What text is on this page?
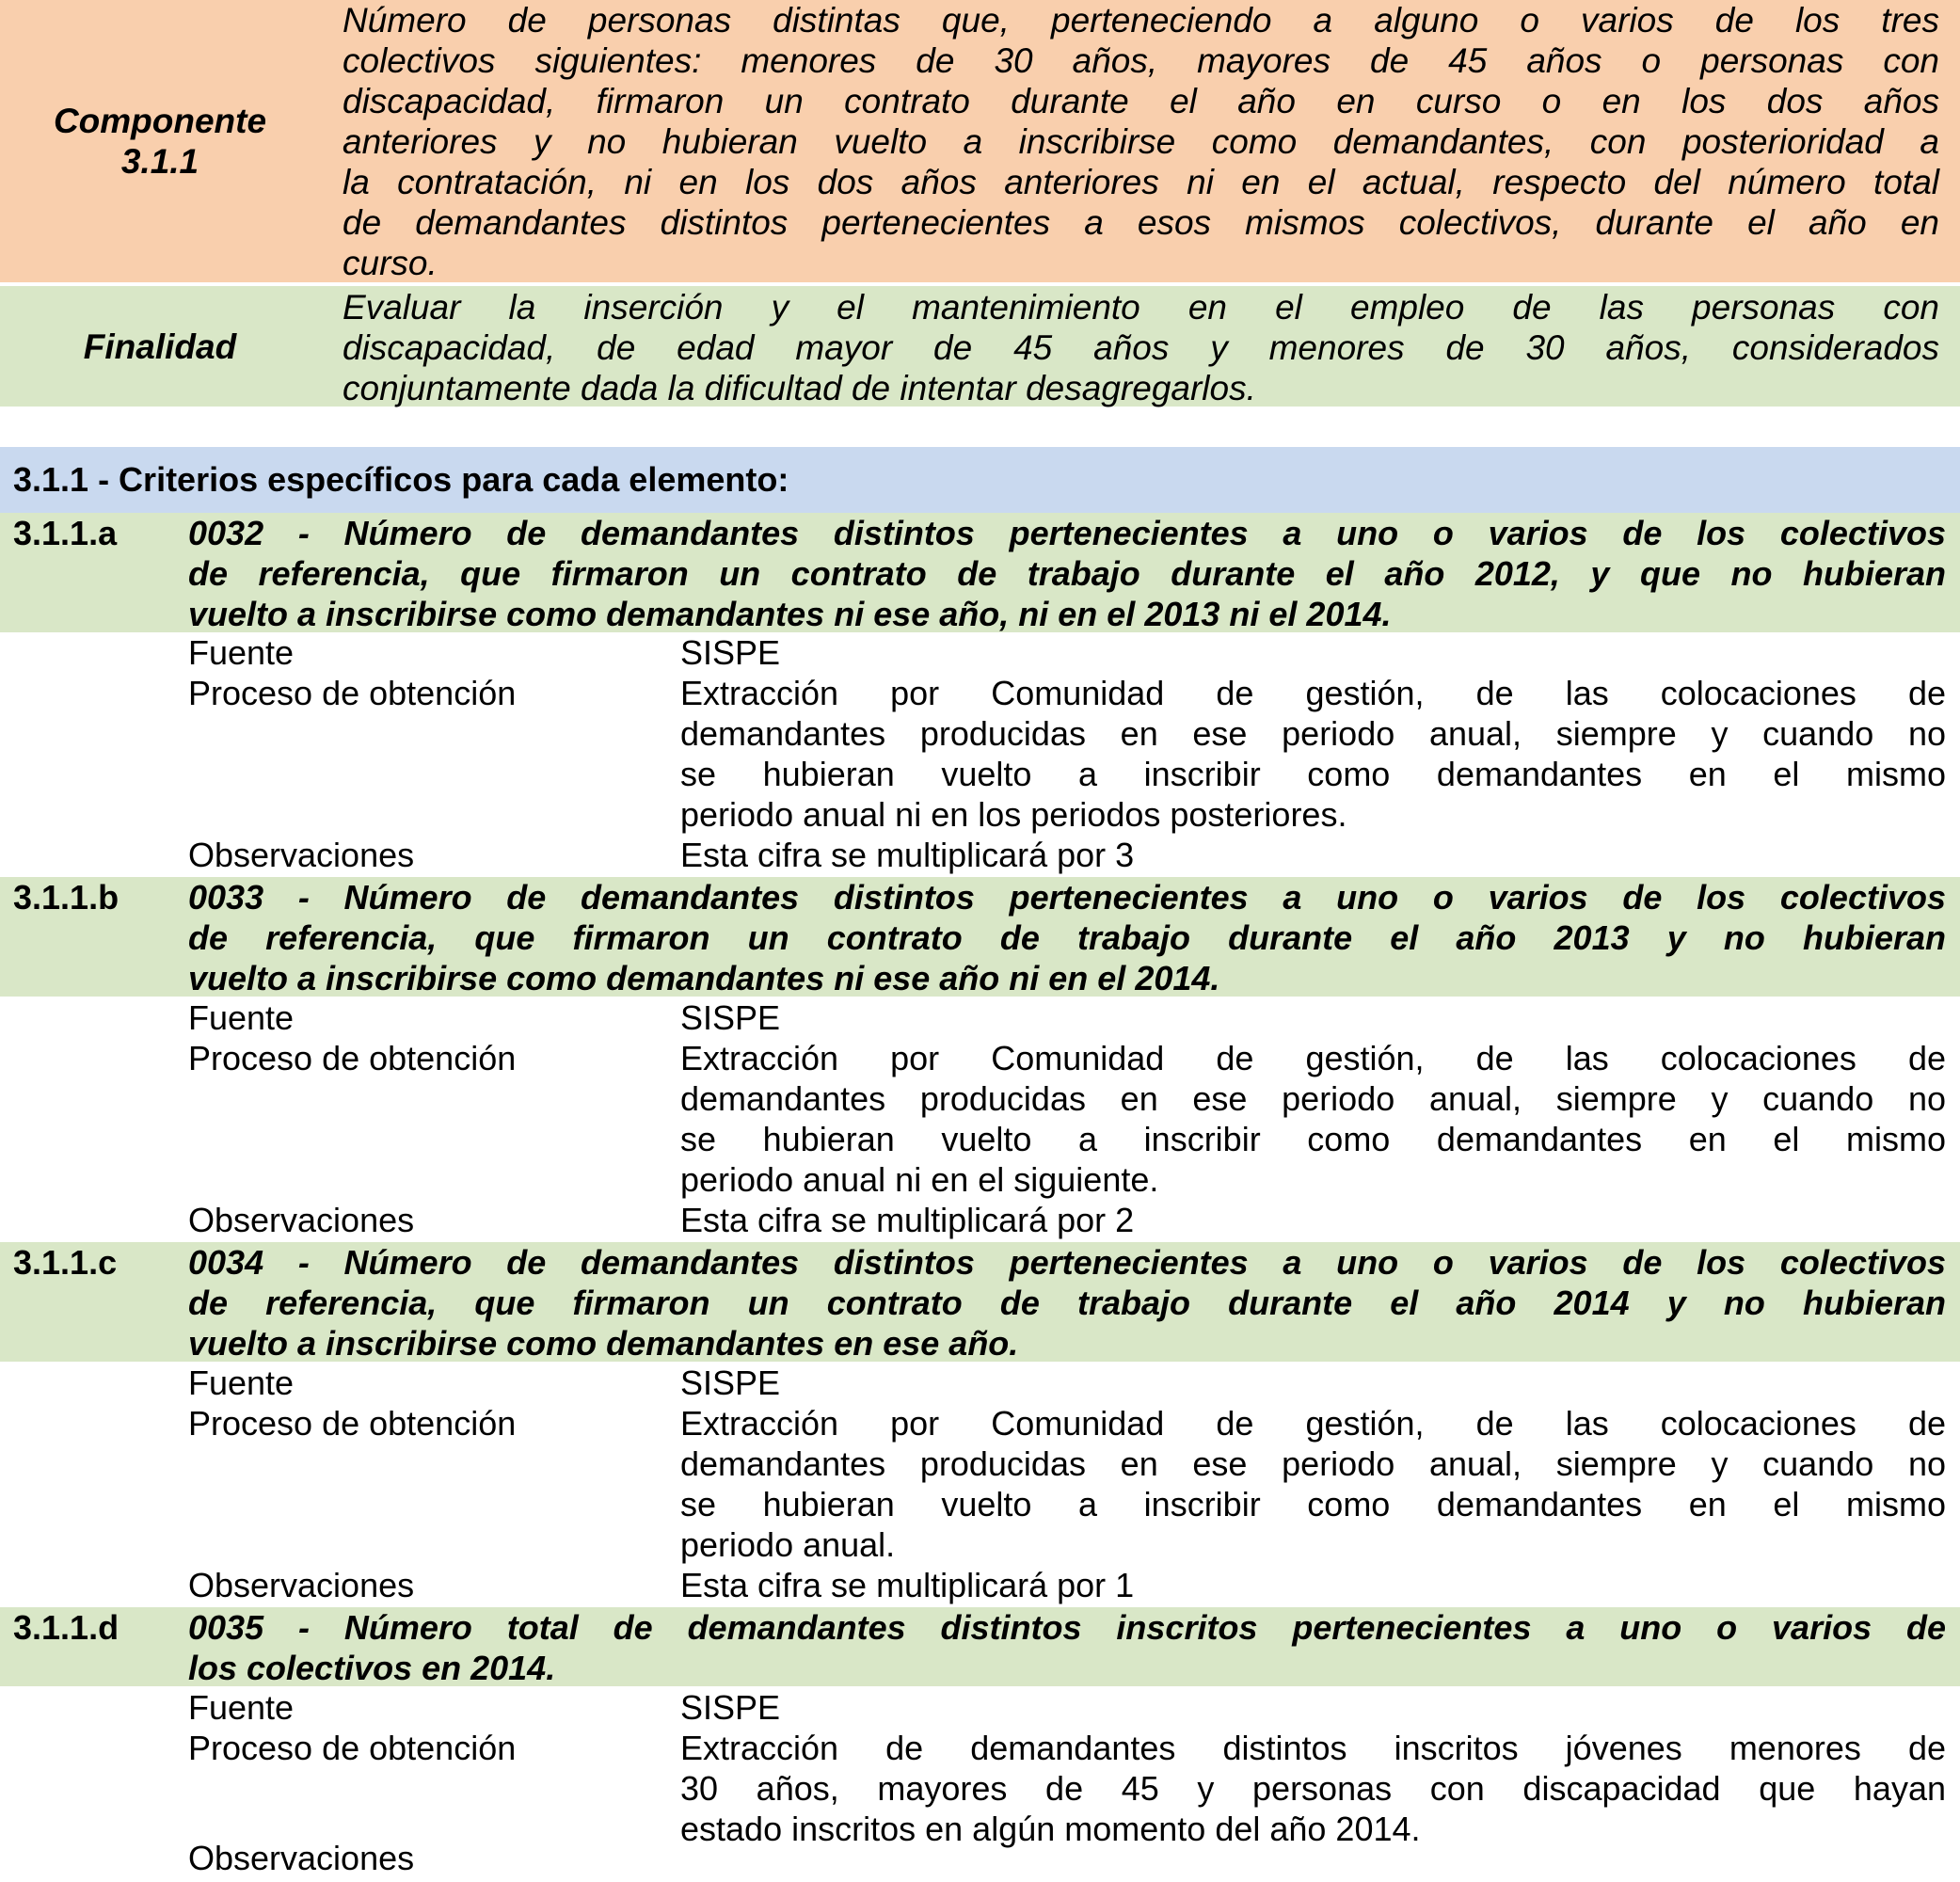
Componente
3.1.1
Número de personas distintas que, perteneciendo a alguno o varios de los tres
colectivos siguientes: menores de 30 años, mayores de 45 años o personas con
discapacidad, firmaron un contrato durante el año en curso o en los dos años
anteriores y no hubieran vuelto a inscribirse como demandantes, con posterioridad a
la contratación, ni en los dos años anteriores ni en el actual, respecto del número total
de demandantes distintos pertenecientes a esos mismos colectivos, durante el año en
curso.
Finalidad
Evaluar la inserción y el mantenimiento en el empleo de las personas con
discapacidad, de edad mayor de 45 años y menores de 30 años, considerados
conjuntamente dada la dificultad de intentar desagregarlos.
3.1.1 - Criterios específicos para cada elemento:
3.1.1.a 0032 - Número de demandantes distintos pertenecientes a uno o varios de los colectivos
de referencia, que firmaron un contrato de trabajo durante el año 2012, y que no hubieran
vuelto a inscribirse como demandantes ni ese año, ni en el 2013 ni el 2014.
Fuente	SISPE
Proceso de obtención	Extracción por Comunidad de gestión, de las colocaciones de
demandantes producidas en ese periodo anual, siempre y cuando no
se hubieran vuelto a inscribir como demandantes en el mismo
periodo anual ni en los periodos posteriores.
Observaciones	Esta cifra se multiplicará por 3
3.1.1.b 0033 - Número de demandantes distintos pertenecientes a uno o varios de los colectivos
de referencia, que firmaron un contrato de trabajo durante el año 2013 y no hubieran
vuelto a inscribirse como demandantes ni ese año ni en el 2014.
Fuente	SISPE
Proceso de obtención	Extracción por Comunidad de gestión, de las colocaciones de
demandantes producidas en ese periodo anual, siempre y cuando no
se hubieran vuelto a inscribir como demandantes en el mismo
periodo anual ni en el siguiente.
Observaciones	Esta cifra se multiplicará por 2
3.1.1.c 0034 - Número de demandantes distintos pertenecientes a uno o varios de los colectivos
de referencia, que firmaron un contrato de trabajo durante el año 2014 y no hubieran
vuelto a inscribirse como demandantes en ese año.
Fuente	SISPE
Proceso de obtención	Extracción por Comunidad de gestión, de las colocaciones de
demandantes producidas en ese periodo anual, siempre y cuando no
se hubieran vuelto a inscribir como demandantes en el mismo
periodo anual.
Observaciones	Esta cifra se multiplicará por 1
3.1.1.d 0035 - Número total de demandantes distintos inscritos pertenecientes a uno o varios de
los colectivos en 2014.
Fuente	SISPE
Proceso de obtención	Extracción de demandantes distintos inscritos jóvenes menores de
30 años, mayores de 45 y personas con discapacidad que hayan
estado inscritos en algún momento del año 2014.
Observaciones
